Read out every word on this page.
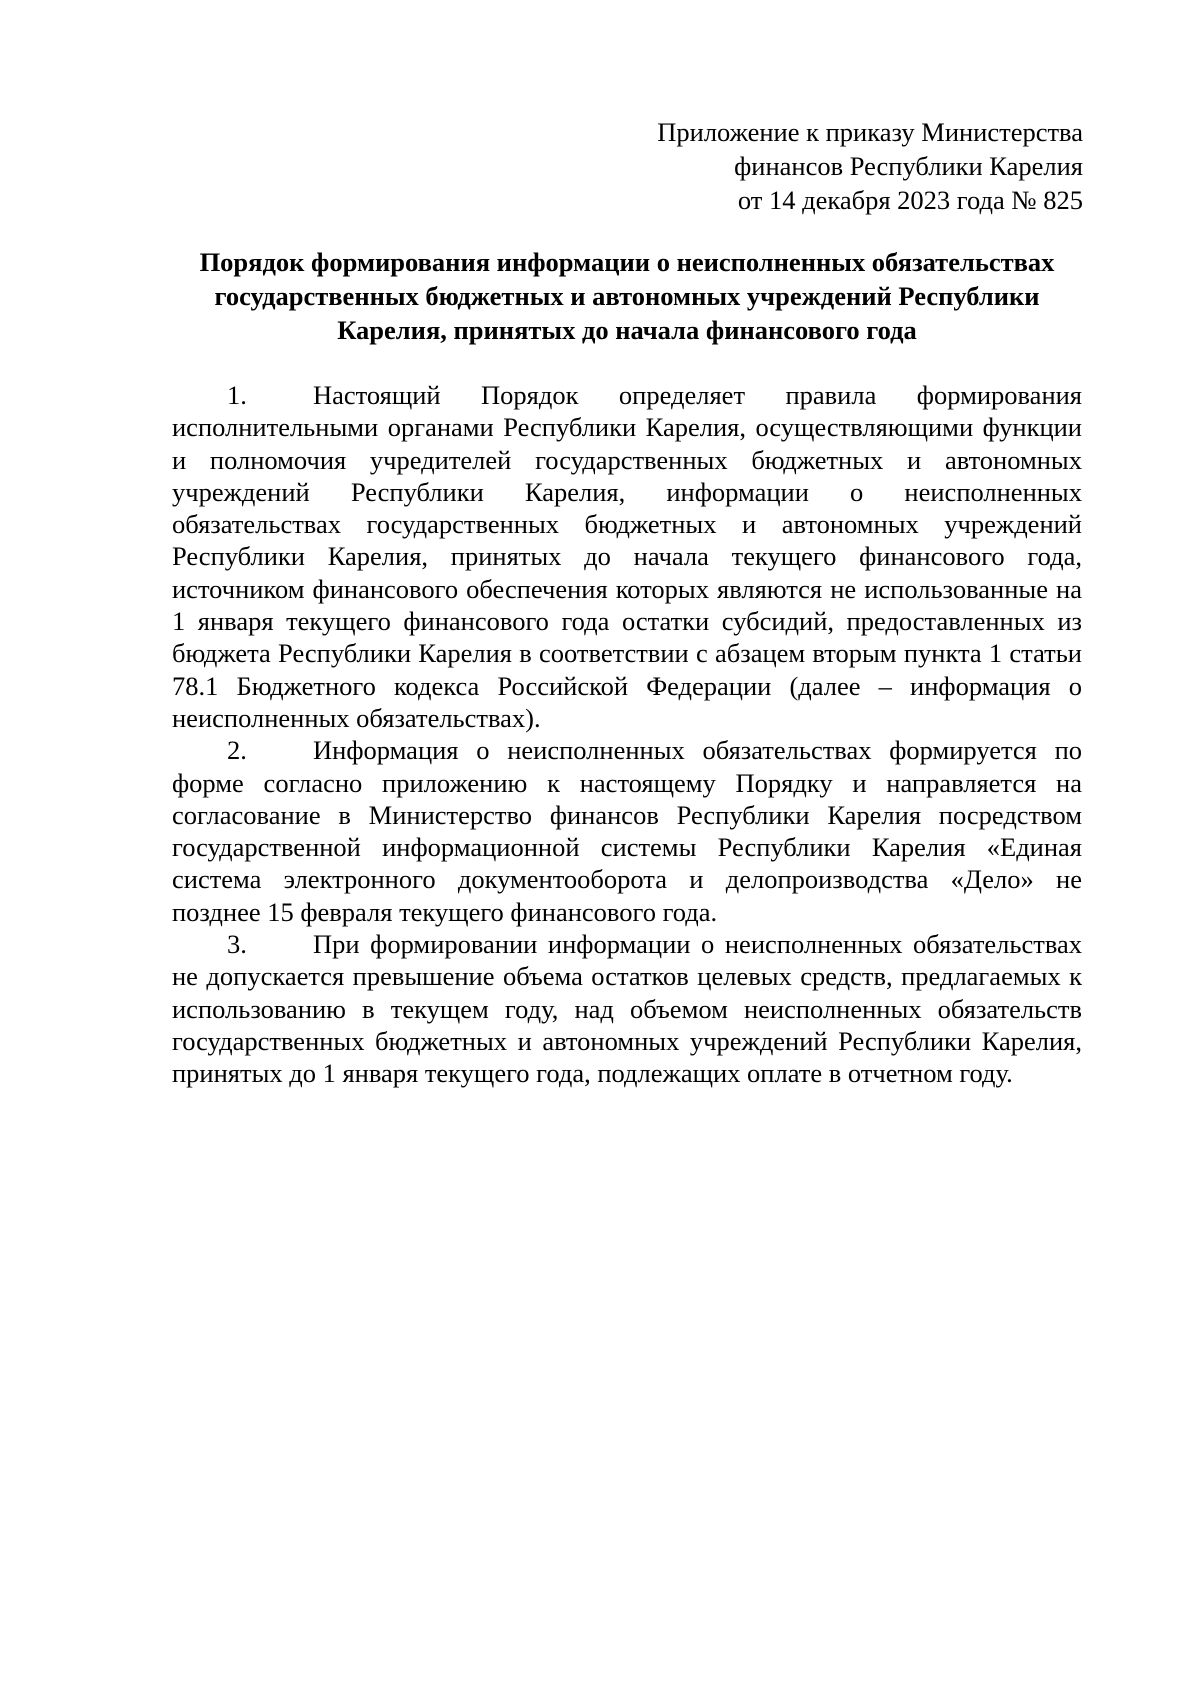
Приложение к приказу Министерства
финансов Республики Карелия
от 14 декабря 2023 года № 825
Порядок формирования информации о неисполненных обязательствах
государственных бюджетных и автономных учреждений Республики
Карелия, принятых до начала финансового года

1. Настоящий Порядок определяет правила формирования исполнительными органами Республики Карелия, осуществляющими функции и полномочия учредителей государственных бюджетных и автономных учреждений Республики Карелия, информации о неисполненных обязательствах государственных бюджетных и автономных учреждений Республики Карелия, принятых до начала текущего финансового года, источником финансового обеспечения которых являются не использованные на 1 января текущего финансового года остатки субсидий, предоставленных из бюджета Республики Карелия в соответствии с абзацем вторым пункта 1 статьи 78.1 Бюджетного кодекса Российской Федерации (далее – информация о неисполненных обязательствах).

2. Информация о неисполненных обязательствах формируется по форме согласно приложению к настоящему Порядку и направляется на согласование в Министерство финансов Республики Карелия посредством государственной информационной системы Республики Карелия «Единая система электронного документооборота и делопроизводства «Дело» не позднее 15 февраля текущего финансового года.

3. При формировании информации о неисполненных обязательствах не допускается превышение объема остатков целевых средств, предлагаемых к использованию в текущем году, над объемом неисполненных обязательств государственных бюджетных и автономных учреждений Республики Карелия, принятых до 1 января текущего года, подлежащих оплате в отчетном году.
